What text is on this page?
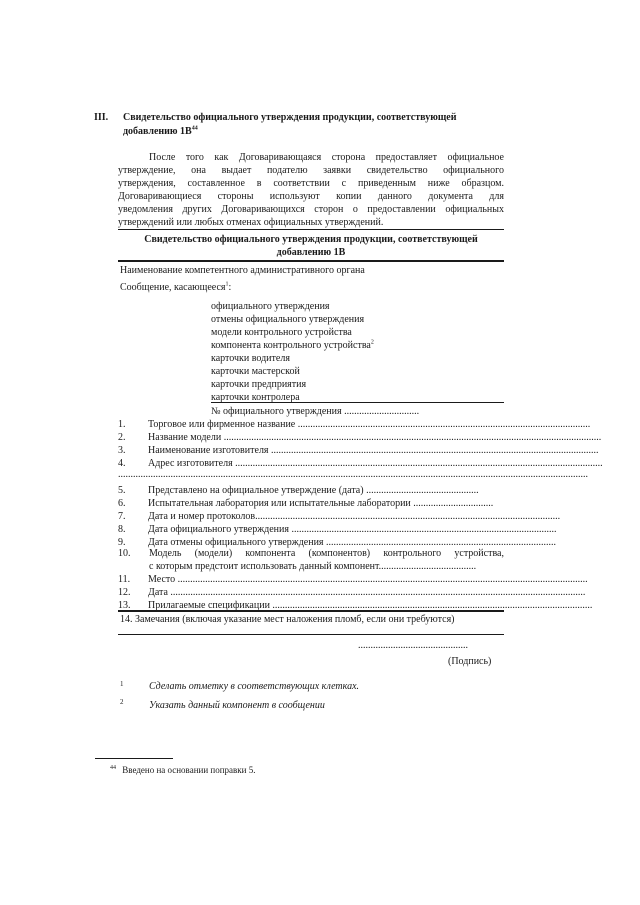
III. Свидетельство официального утверждения продукции, соответствующей
добавлению $1B^{44}$
После того как Договаривающаяся сторона предоставляет официальное
утверждение, она выдает подателю заявки свидетельство официального
утверждения, составленное в соответствии с приведенным ниже образцом.
Договаривающиеся стороны используют копии данного документа для
уведомления других Договаривающихся сторон о предоставлении официальных
утверждений или любых отменах официальных утверждений.
Свидетельство официального утверждения продукции, соответствующей
добавлению 1B
Наименование компетентного административного органа
Сообщение, касающееся$^1$:
официального утверждения
отмены официального утверждения
модели контрольного устройства
компонента контрольного устройства$^2$
карточки водителя
карточки мастерской
карточки предприятия
карточки контролера
№ официального утверждения ..............................
1. Торговое или фирменное название .....................................................................................................................
2. Название модели .......................................................................................................................................................
3. Наименование изготовителя ...................................................................................................................................
4. Адрес изготовителя ...................................................................................................................................................
............................................................................................................................................................................................
5. Представлено на официальное утверждение (дата) .............................................
6. Испытательная лаборатория или испытательные лаборатории ................................
7. Дата и номер протоколов..........................................................................................................................
8. Дата официального утверждения ..........................................................................................................
9. Дата отмены официального утверждения ............................................................................................
10. Модель (модели) компонента (компонентов) контрольного устройства,
с которым предстоит использовать данный компонент.......................................
11. Место ....................................................................................................................................................................
12. Дата ......................................................................................................................................................................
13. Прилагаемые спецификации ................................................................................................................................
14. Замечания (включая указание мест наложения пломб, если они требуются)
............................................
(Подпись)
1	Сделать отметку в соответствующих клетках.
2	Указать данный компонент в сообщении
$^{44}$ Введено на основании поправки 5.
